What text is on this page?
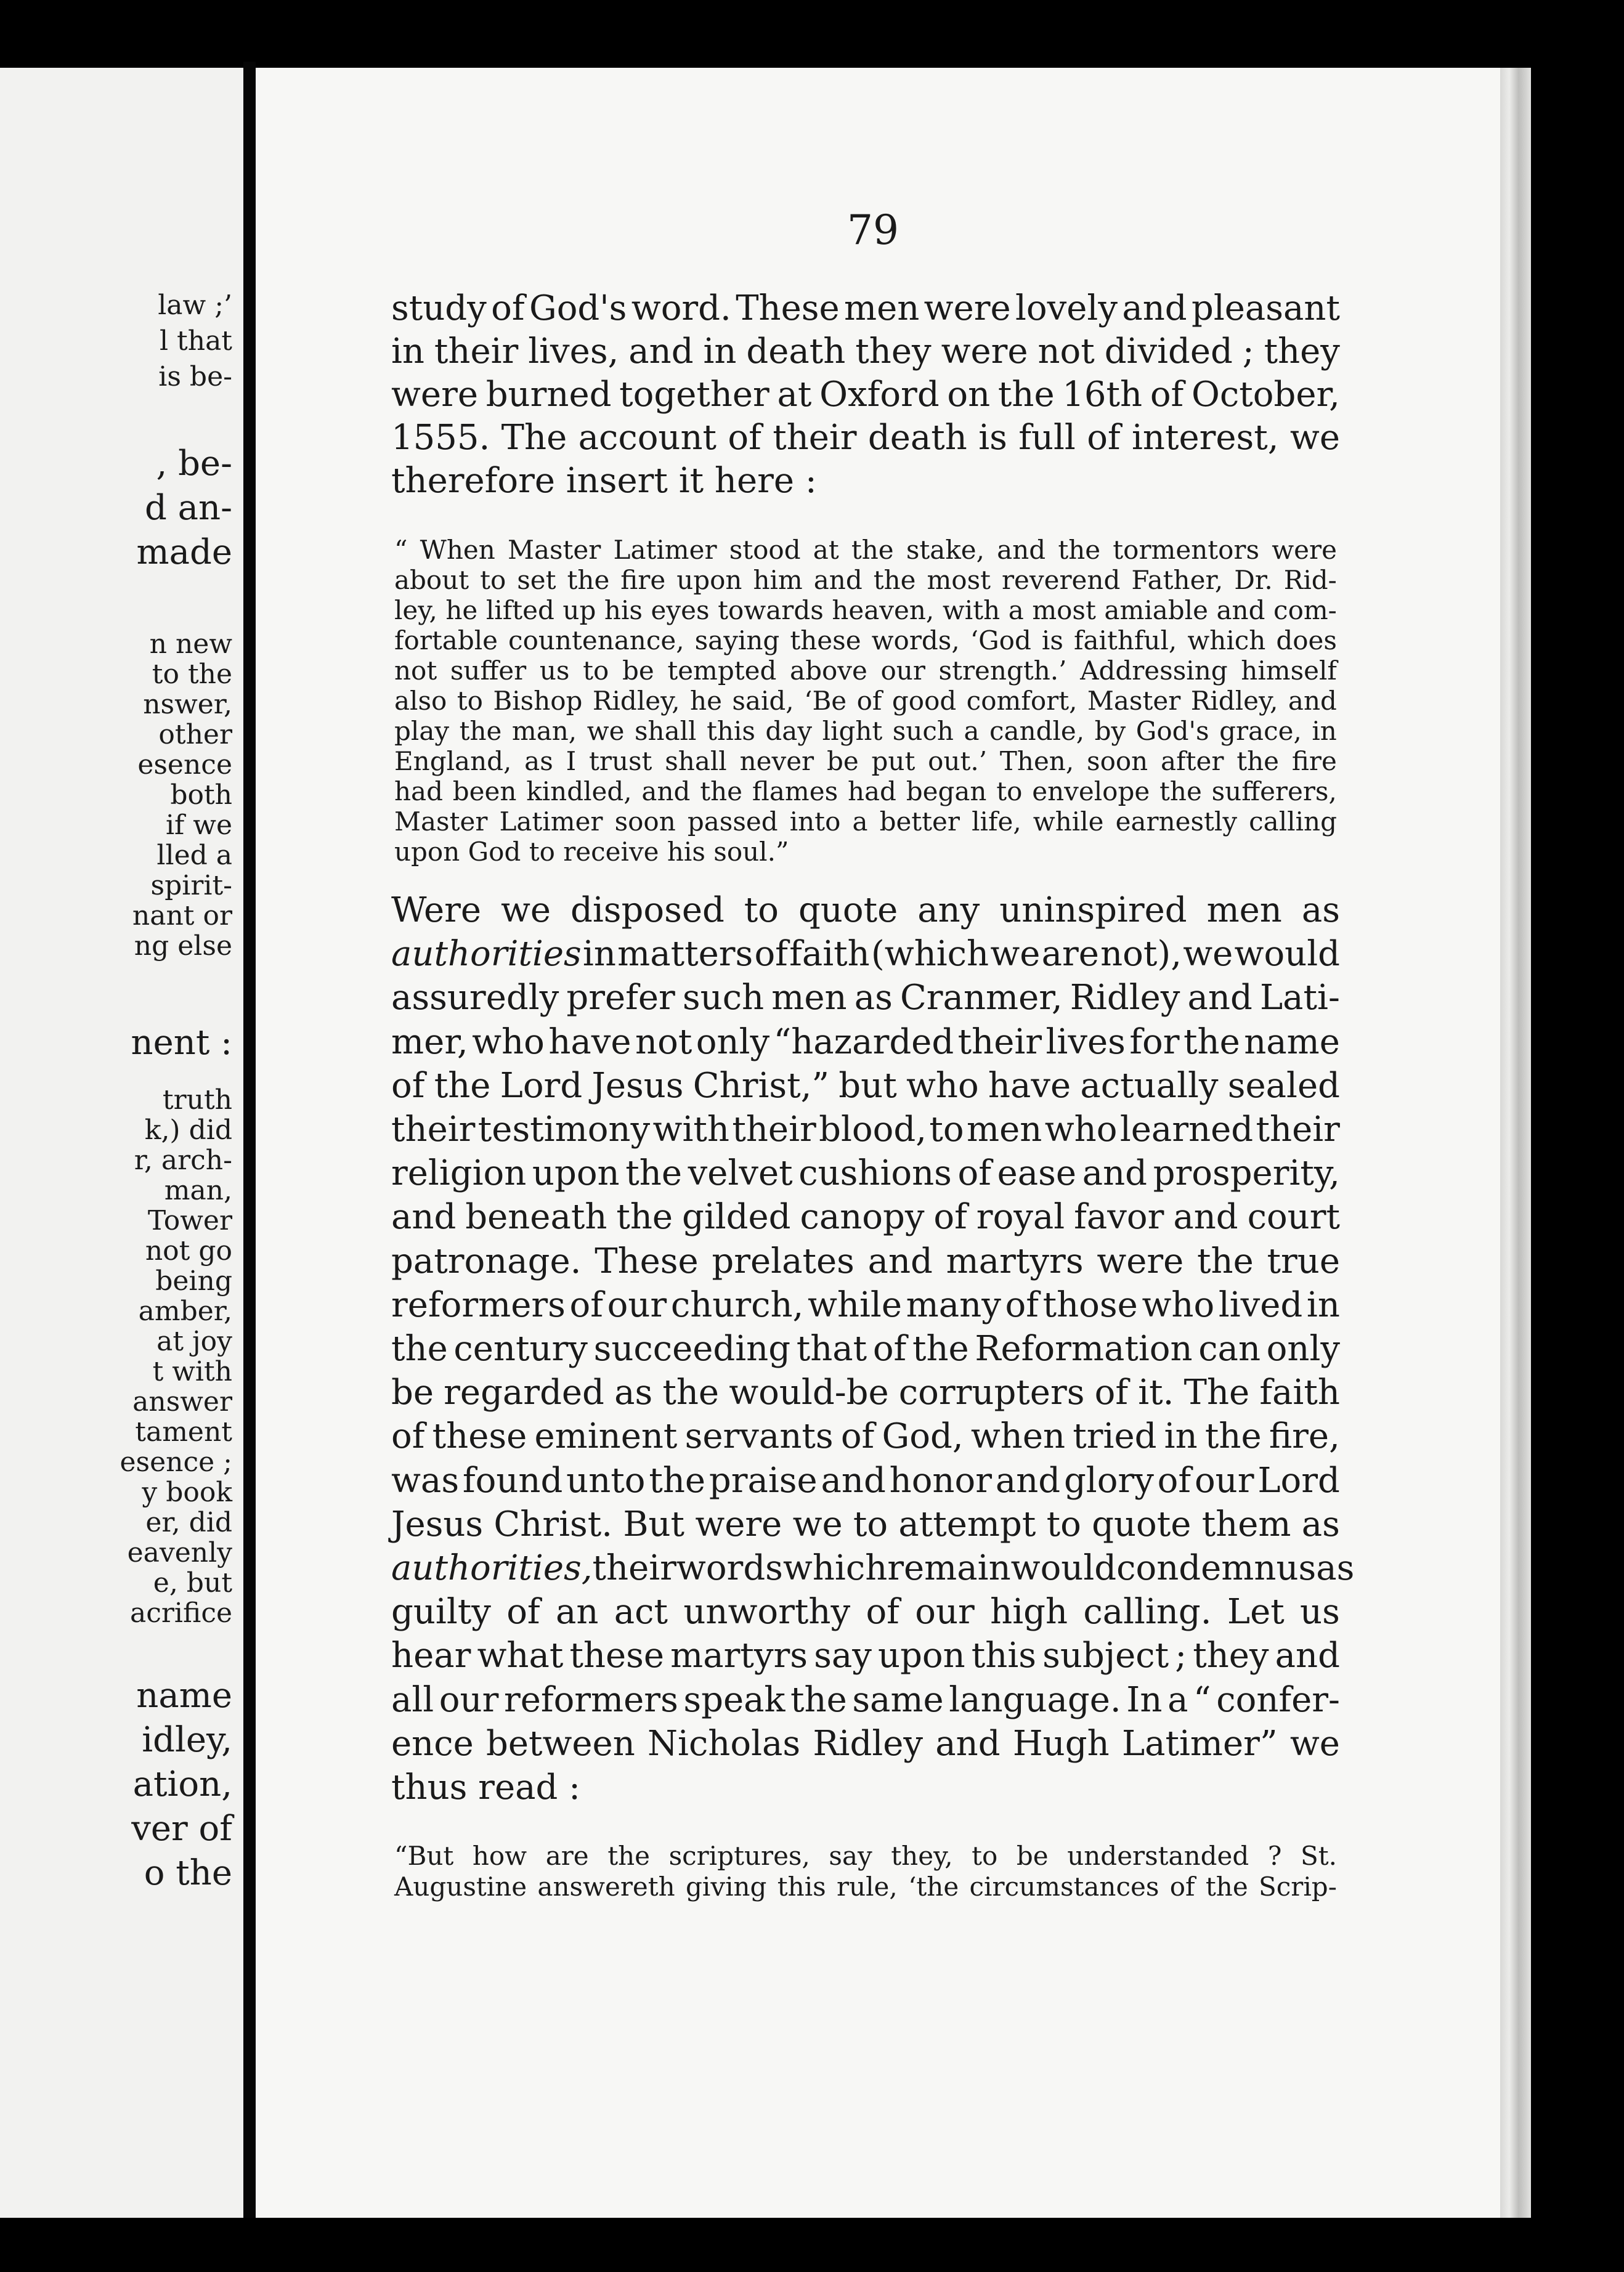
law ;’
l that
is be-
, be-
d an-
made
n new
to the
nswer,
other
esence
both
if we
lled a
spirit-
nant or
ng else
nent :
truth
k,) did
r, arch-
man,
Tower
not go
being
amber,
at joy
t with
answer
tament
esence ;
y book
er, did
eavenly
e, but
acrifice
name
idley,
ation,
ver of
o the
79
study of God's word. These men were lovely and pleasant
in their lives, and in death they were not divided ; they
were burned together at Oxford on the 16th of October,
1555. The account of their death is full of interest, we
therefore insert it here :
“ When Master Latimer stood at the stake, and the tormentors were
about to set the fire upon him and the most reverend Father, Dr. Rid-
ley, he lifted up his eyes towards heaven, with a most amiable and com-
fortable countenance, saying these words, ‘God is faithful, which does
not suffer us to be tempted above our strength.’ Addressing himself
also to Bishop Ridley, he said, ‘Be of good comfort, Master Ridley, and
play the man, we shall this day light such a candle, by God's grace, in
England, as I trust shall never be put out.’ Then, soon after the fire
had been kindled, and the flames had began to envelope the sufferers,
Master Latimer soon passed into a better life, while earnestly calling
upon God to receive his soul.”
Were we disposed to quote any uninspired men as
authorities in matters of faith (which we are not), we would
assuredly prefer such men as Cranmer, Ridley and Lati-
mer, who have not only “hazarded their lives for the name
of the Lord Jesus Christ,” but who have actually sealed
their testimony with their blood, to men who learned their
religion upon the velvet cushions of ease and prosperity,
and beneath the gilded canopy of royal favor and court
patronage. These prelates and martyrs were the true
reformers of our church, while many of those who lived in
the century succeeding that of the Reformation can only
be regarded as the would-be corrupters of it. The faith
of these eminent servants of God, when tried in the fire,
was found unto the praise and honor and glory of our Lord
Jesus Christ. But were we to attempt to quote them as
authorities, their words which remain would condemn us as
guilty of an act unworthy of our high calling. Let us
hear what these martyrs say upon this subject ; they and
all our reformers speak the same language. In a “ confer-
ence between Nicholas Ridley and Hugh Latimer” we
thus read :
“But how are the scriptures, say they, to be understanded ? St.
Augustine answereth giving this rule, ‘the circumstances of the Scrip-
